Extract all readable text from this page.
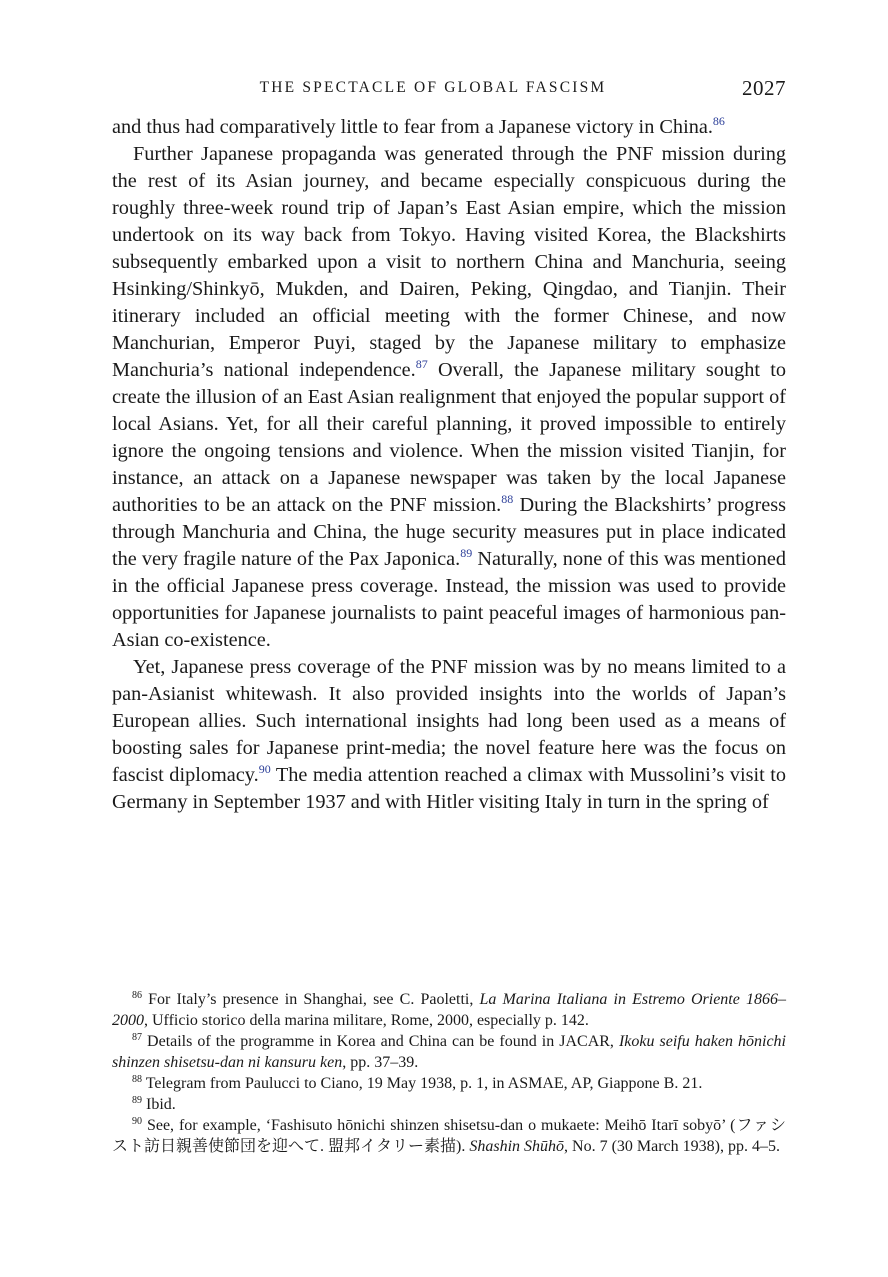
THE SPECTACLE OF GLOBAL FASCISM	2027

and thus had comparatively little to fear from a Japanese victory in China.$^{86}$

Further Japanese propaganda was generated through the PNF mission during the rest of its Asian journey, and became especially conspicuous during the roughly three-week round trip of Japan’s East Asian empire, which the mission undertook on its way back from Tokyo. Having visited Korea, the Blackshirts subsequently embarked upon a visit to northern China and Manchuria, seeing Hsinking/Shinkyō, Mukden, and Dairen, Peking, Qingdao, and Tianjin. Their itinerary included an official meeting with the former Chinese, and now Manchurian, Emperor Puyi, staged by the Japanese military to emphasize Manchuria’s national independence.$^{87}$ Overall, the Japanese military sought to create the illusion of an East Asian realignment that enjoyed the popular support of local Asians. Yet, for all their careful planning, it proved impossible to entirely ignore the ongoing tensions and violence. When the mission visited Tianjin, for instance, an attack on a Japanese newspaper was taken by the local Japanese authorities to be an attack on the PNF mission.$^{88}$ During the Blackshirts’ progress through Manchuria and China, the huge security measures put in place indicated the very fragile nature of the Pax Japonica.$^{89}$ Naturally, none of this was mentioned in the official Japanese press coverage. Instead, the mission was used to provide opportunities for Japanese journalists to paint peaceful images of harmonious pan-Asian co-existence.

Yet, Japanese press coverage of the PNF mission was by no means limited to a pan-Asianist whitewash. It also provided insights into the worlds of Japan’s European allies. Such international insights had long been used as a means of boosting sales for Japanese print-media; the novel feature here was the focus on fascist diplomacy.$^{90}$ The media attention reached a climax with Mussolini’s visit to Germany in September 1937 and with Hitler visiting Italy in turn in the spring of

$^{86}$ For Italy’s presence in Shanghai, see C. Paoletti, La Marina Italiana in Estremo Oriente 1866–2000, Ufficio storico della marina militare, Rome, 2000, especially p. 142.

$^{87}$ Details of the programme in Korea and China can be found in JACAR, Ikoku seifu haken hōnichi shinzen shisetsu-dan ni kansuru ken, pp. 37–39.

$^{88}$ Telegram from Paulucci to Ciano, 19 May 1938, p. 1, in ASMAE, AP, Giappone B. 21.

$^{89}$ Ibid.

$^{90}$ See, for example, ‘Fashisuto hōnichi shinzen shisetsu-dan o mukaete: Meihō Itarī sobyō’ (ファシスト訪日親善使節団を迎へて. 盟邦イタリー素描). Shashin Shūhō, No. 7 (30 March 1938), pp. 4–5.
